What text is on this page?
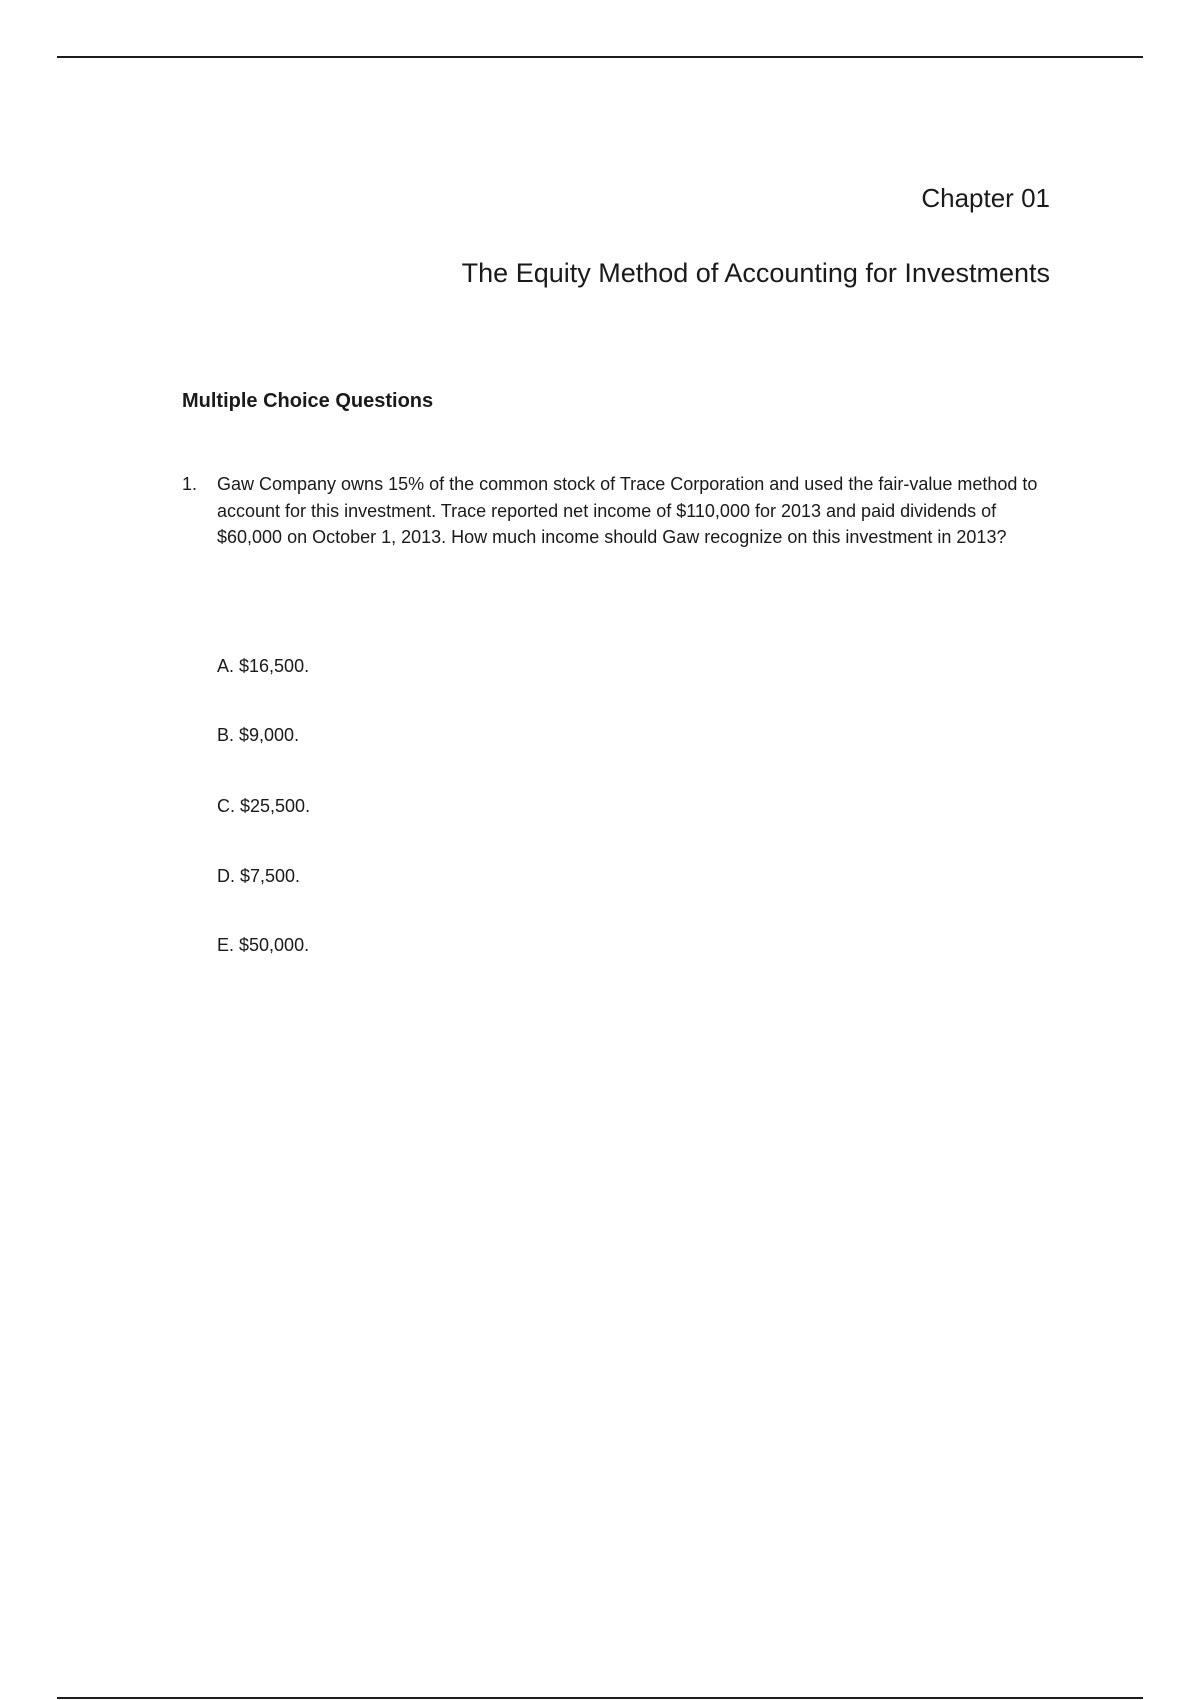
Chapter 01
The Equity Method of Accounting for Investments
Multiple Choice Questions
1. Gaw Company owns 15% of the common stock of Trace Corporation and used the fair-value method to account for this investment. Trace reported net income of $110,000 for 2013 and paid dividends of $60,000 on October 1, 2013. How much income should Gaw recognize on this investment in 2013?

A. $16,500.
B. $9,000.
C. $25,500.
D. $7,500.
E. $50,000.
